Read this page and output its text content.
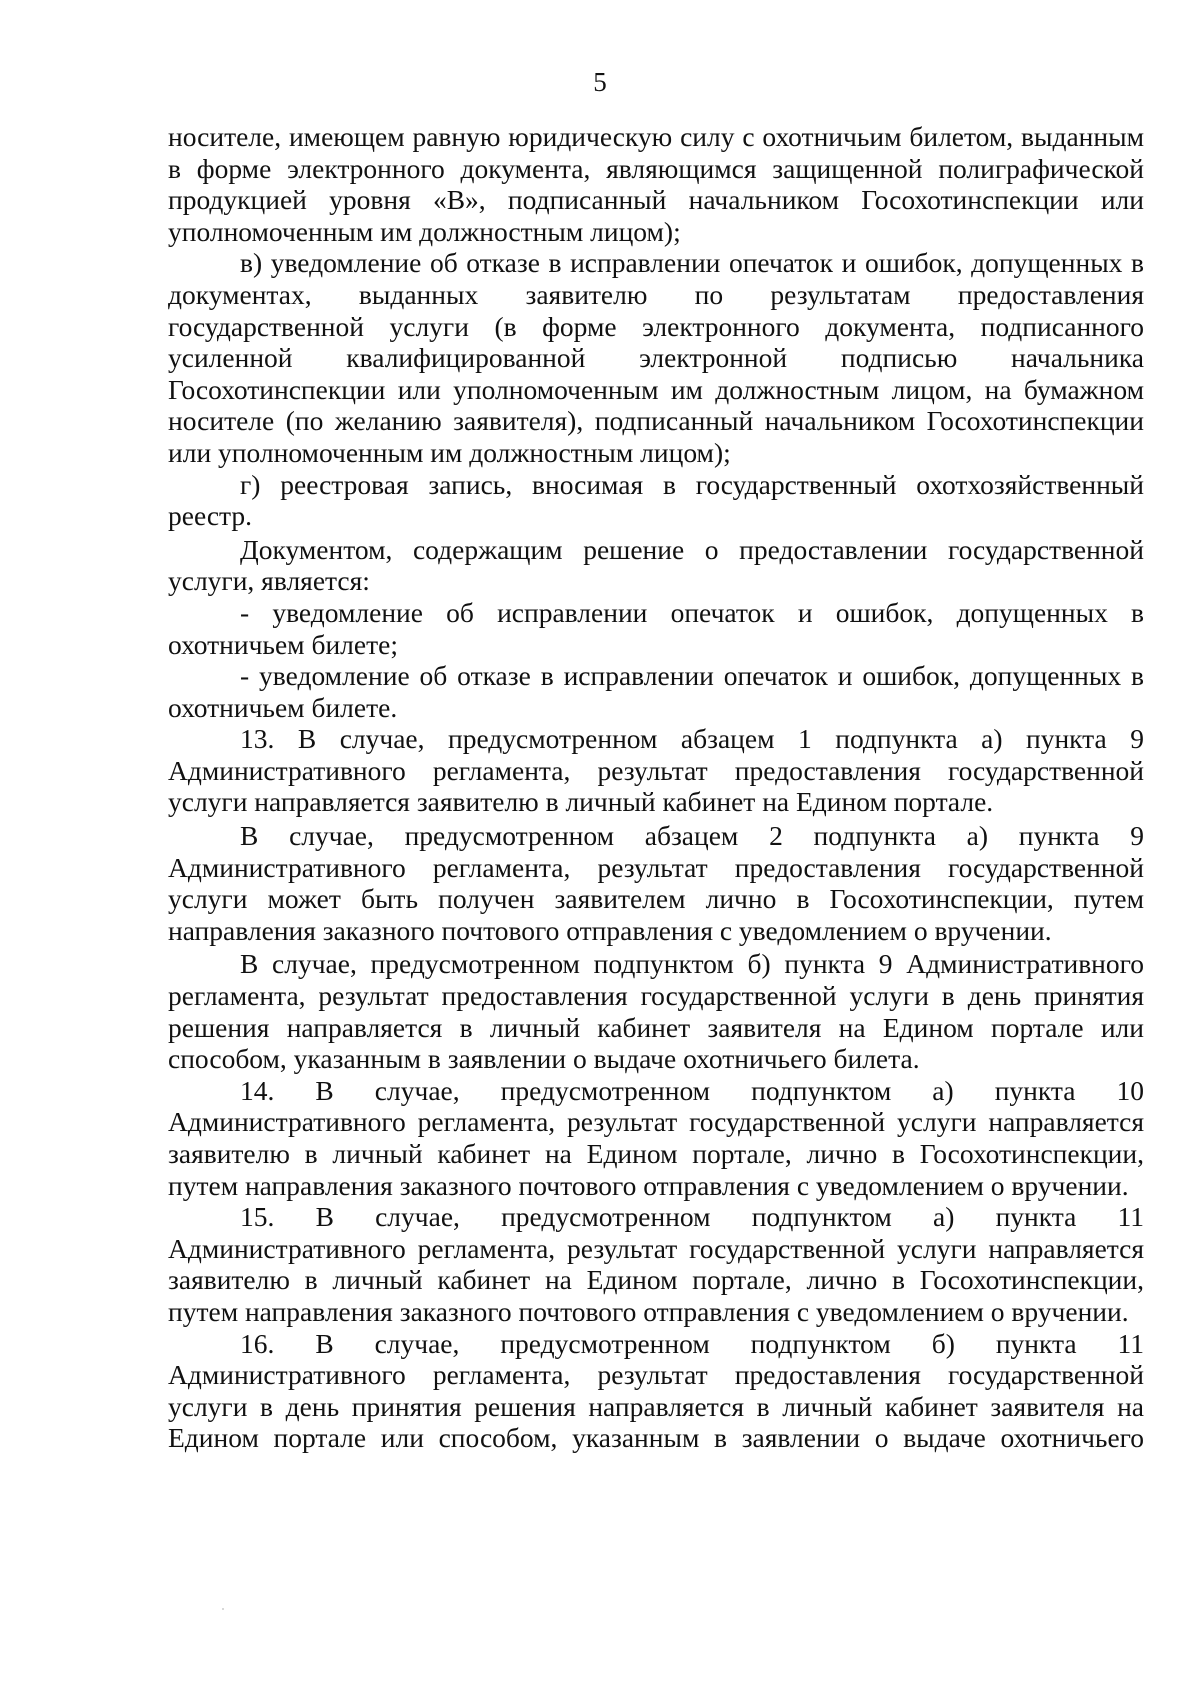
5

носителе, имеющем равную юридическую силу с охотничьим билетом, выданным в форме электронного документа, являющимся защищенной полиграфической продукцией уровня «В», подписанный начальником Госохотинспекции или уполномоченным им должностным лицом);

в) уведомление об отказе в исправлении опечаток и ошибок, допущенных в документах, выданных заявителю по результатам предоставления государственной услуги (в форме электронного документа, подписанного усиленной квалифицированной электронной подписью начальника Госохотинспекции или уполномоченным им должностным лицом, на бумажном носителе (по желанию заявителя), подписанный начальником Госохотинспекции или уполномоченным им должностным лицом);

г) реестровая запись, вносимая в государственный охотхозяйственный реестр.

Документом, содержащим решение о предоставлении государственной услуги, является:

- уведомление об исправлении опечаток и ошибок, допущенных в охотничьем билете;

- уведомление об отказе в исправлении опечаток и ошибок, допущенных в охотничьем билете.

13. В случае, предусмотренном абзацем 1 подпункта а) пункта 9 Административного регламента, результат предоставления государственной услуги направляется заявителю в личный кабинет на Едином портале.

В случае, предусмотренном абзацем 2 подпункта а) пункта 9 Административного регламента, результат предоставления государственной услуги может быть получен заявителем лично в Госохотинспекции, путем направления заказного почтового отправления с уведомлением о вручении.

В случае, предусмотренном подпунктом б) пункта 9 Административного регламента, результат предоставления государственной услуги в день принятия решения направляется в личный кабинет заявителя на Едином портале или способом, указанным в заявлении о выдаче охотничьего билета.

14. В случае, предусмотренном подпунктом а) пункта 10 Административного регламента, результат государственной услуги направляется заявителю в личный кабинет на Едином портале, лично в Госохотинспекции, путем направления заказного почтового отправления с уведомлением о вручении.

15. В случае, предусмотренном подпунктом а) пункта 11 Административного регламента, результат государственной услуги направляется заявителю в личный кабинет на Едином портале, лично в Госохотинспекции, путем направления заказного почтового отправления с уведомлением о вручении.

16. В случае, предусмотренном подпунктом б) пункта 11 Административного регламента, результат предоставления государственной услуги в день принятия решения направляется в личный кабинет заявителя на Едином портале или способом, указанным в заявлении о выдаче охотничьего
